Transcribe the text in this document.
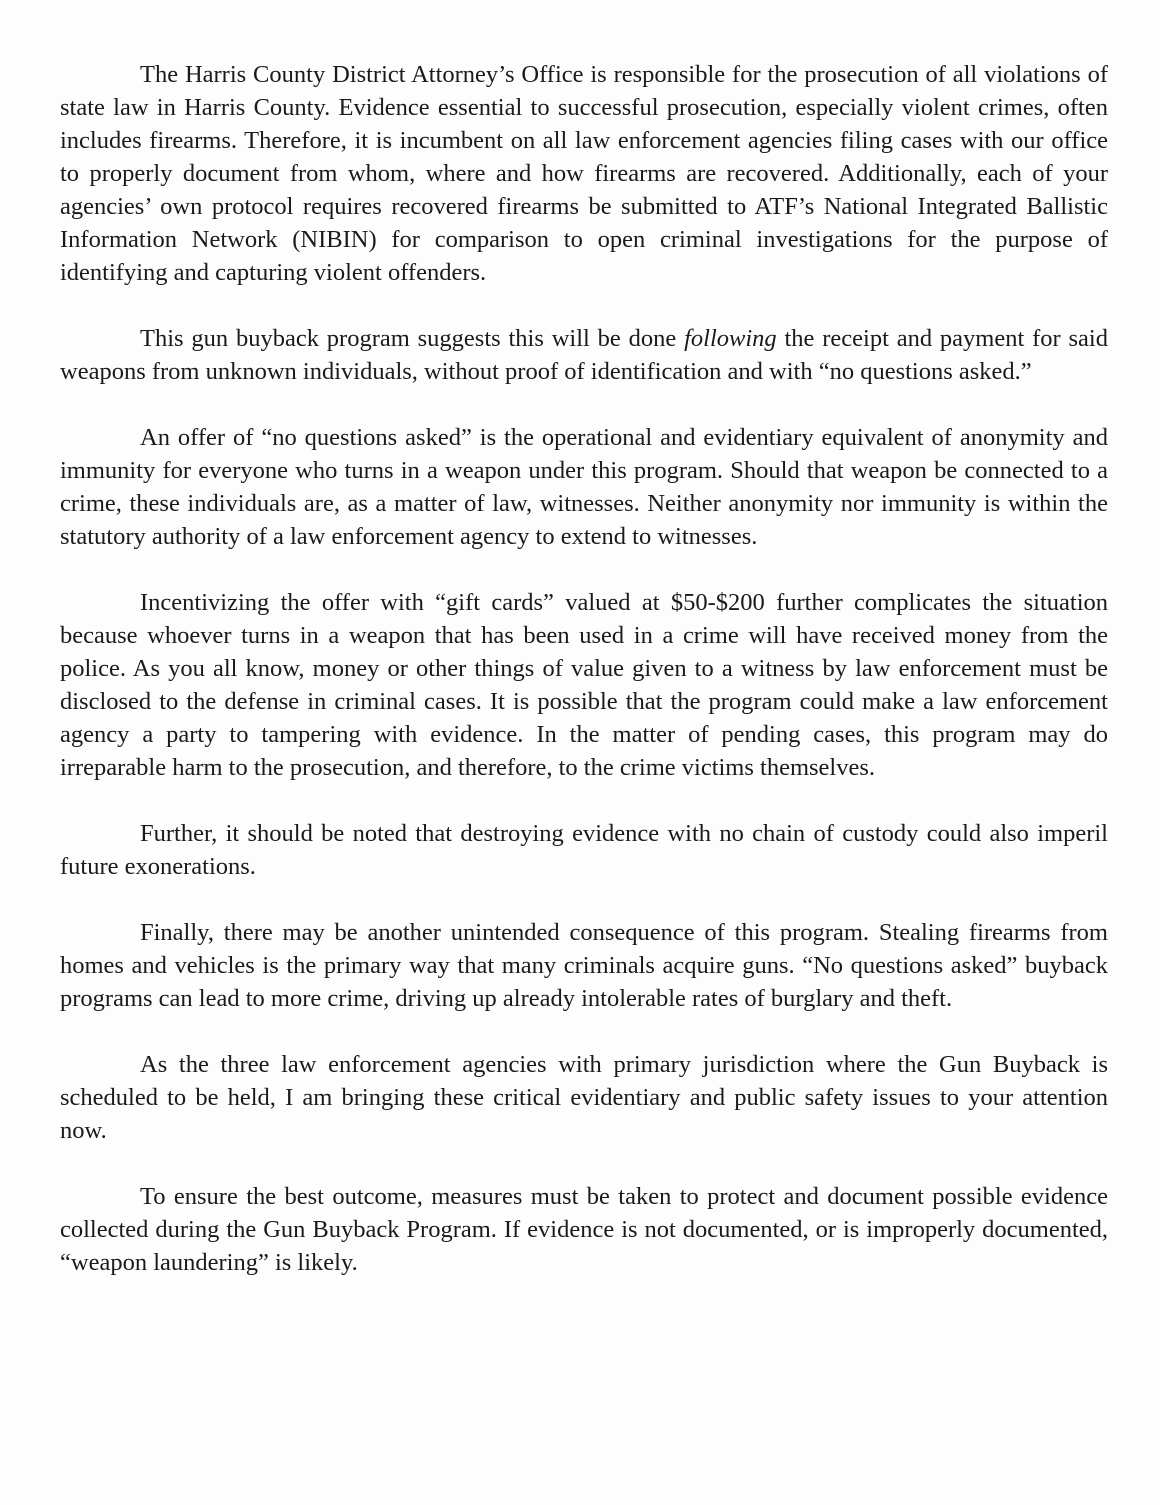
The Harris County District Attorney’s Office is responsible for the prosecution of all violations of state law in Harris County. Evidence essential to successful prosecution, especially violent crimes, often includes firearms. Therefore, it is incumbent on all law enforcement agencies filing cases with our office to properly document from whom, where and how firearms are recovered. Additionally, each of your agencies’ own protocol requires recovered firearms be submitted to ATF’s National Integrated Ballistic Information Network (NIBIN) for comparison to open criminal investigations for the purpose of identifying and capturing violent offenders.

This gun buyback program suggests this will be done following the receipt and payment for said weapons from unknown individuals, without proof of identification and with “no questions asked.”

An offer of “no questions asked” is the operational and evidentiary equivalent of anonymity and immunity for everyone who turns in a weapon under this program. Should that weapon be connected to a crime, these individuals are, as a matter of law, witnesses. Neither anonymity nor immunity is within the statutory authority of a law enforcement agency to extend to witnesses.

Incentivizing the offer with “gift cards” valued at $50-$200 further complicates the situation because whoever turns in a weapon that has been used in a crime will have received money from the police. As you all know, money or other things of value given to a witness by law enforcement must be disclosed to the defense in criminal cases. It is possible that the program could make a law enforcement agency a party to tampering with evidence. In the matter of pending cases, this program may do irreparable harm to the prosecution, and therefore, to the crime victims themselves.

Further, it should be noted that destroying evidence with no chain of custody could also imperil future exonerations.

Finally, there may be another unintended consequence of this program. Stealing firearms from homes and vehicles is the primary way that many criminals acquire guns. “No questions asked” buyback programs can lead to more crime, driving up already intolerable rates of burglary and theft.

As the three law enforcement agencies with primary jurisdiction where the Gun Buyback is scheduled to be held, I am bringing these critical evidentiary and public safety issues to your attention now.

To ensure the best outcome, measures must be taken to protect and document possible evidence collected during the Gun Buyback Program. If evidence is not documented, or is improperly documented, “weapon laundering” is likely.
